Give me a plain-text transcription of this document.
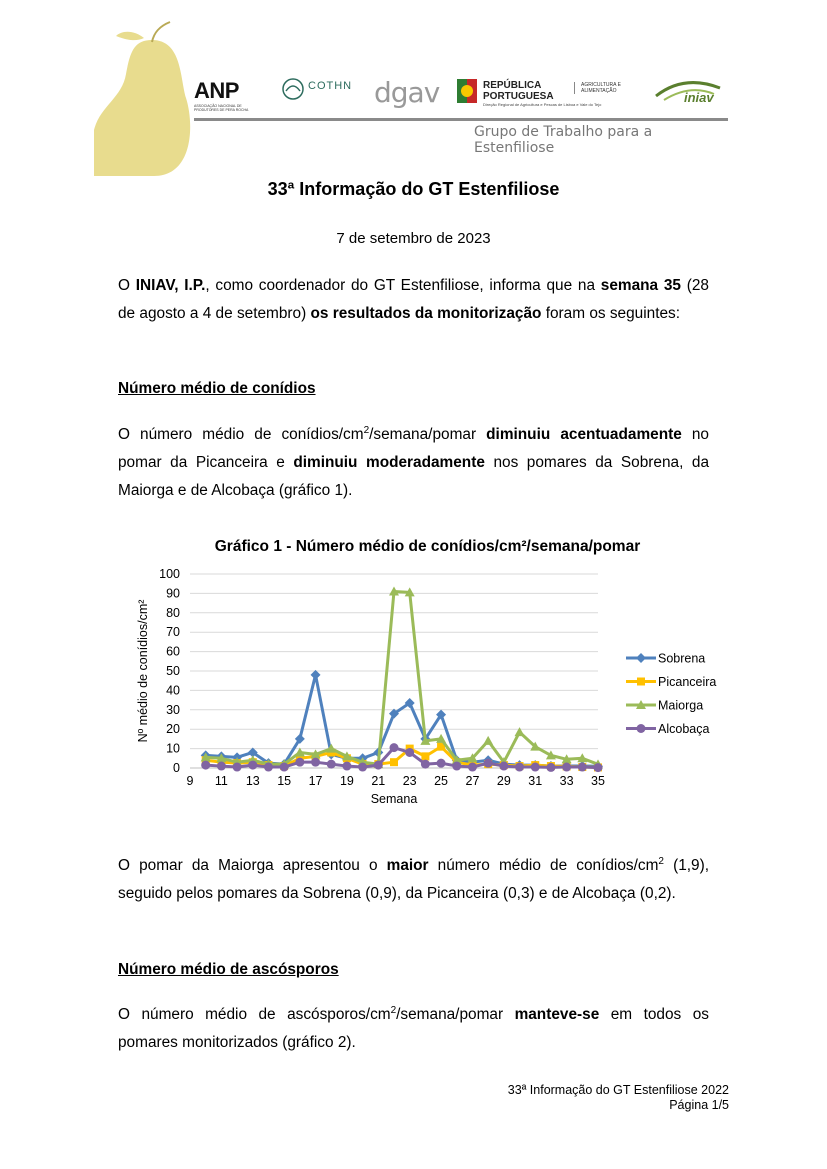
ANP
ASSOCIAÇÃO NACIONAL DE PRODUTORES DE PERA ROCHA
COTHN dgav	REPÚBLICA PORTUGUESA
Direção Regional de Agricultura e Pescas de Lisboa e Vale do Tejo
AGRICULTURA E ALIMENTAÇÃO	iniav
Grupo de Trabalho para a Estenfiliose
33ª Informação do GT Estenfiliose
7 de setembro de 2023
O INIAV, I.P., como coordenador do GT Estenfiliose, informa que na semana 35 (28 de agosto a 4 de setembro) os resultados da monitorização foram os seguintes:
Número médio de conídios
O número médio de conídios/$cm^2/semana$/pomar diminuiu acentuadamente no pomar da Picanceira e diminuiu moderadamente nos pomares da Sobrena, da Maiorga e de Alcobaça (gráfico 1).
Gráfico 1 - Número médio de conídios/cm²/semana/pomar
0
10
20
30
40
50
60
70
80
90
100
9 11 13 15 17 19 21 23 25 27 29 31 33 35
Semana
Nº médio de conídios/cm²	Sobrena
Picanceira
Maiorga
Alcobaça
O pomar da Maiorga apresentou o maior número médio de conídios/$cm^2$ (1,9), seguido pelos pomares da Sobrena (0,9), da Picanceira (0,3) e de Alcobaça (0,2).
Número médio de ascósporos
O número médio de ascósporos/$cm^2/semana$/pomar manteve-se em todos os pomares monitorizados (gráfico 2).
33ª Informação do GT Estenfiliose 2022
Página 1/5
